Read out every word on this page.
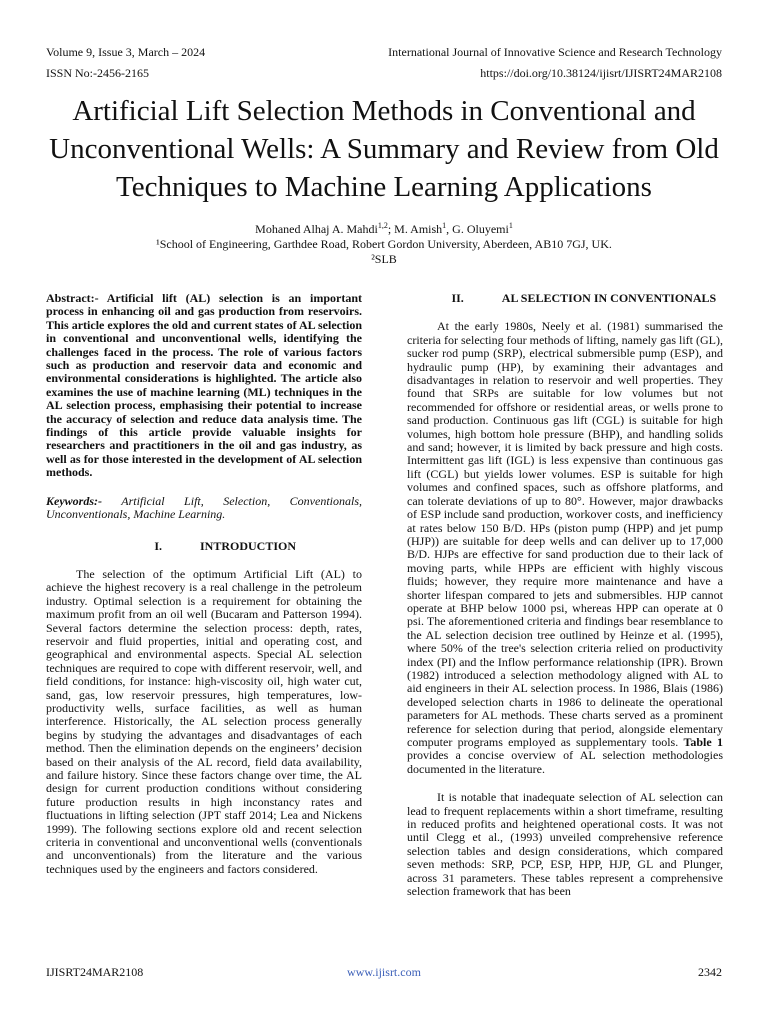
Volume 9, Issue 3, March – 2024
ISSN No:-2456-2165
International Journal of Innovative Science and Research Technology
https://doi.org/10.38124/ijisrt/IJISRT24MAR2108
Artificial Lift Selection Methods in Conventional and Unconventional Wells: A Summary and Review from Old Techniques to Machine Learning Applications
Mohaned Alhaj A. Mahdi$^{1,2}$; M. Amish$^1$, G. Oluyemi$^1$
¹School of Engineering, Garthdee Road, Robert Gordon University, Aberdeen, AB10 7GJ, UK.
²SLB

Abstract:- Artificial lift (AL) selection is an important process in enhancing oil and gas production from reservoirs. This article explores the old and current states of AL selection in conventional and unconventional wells, identifying the challenges faced in the process. The role of various factors such as production and reservoir data and economic and environmental considerations is highlighted. The article also examines the use of machine learning (ML) techniques in the AL selection process, emphasising their potential to increase the accuracy of selection and reduce data analysis time. The findings of this article provide valuable insights for researchers and practitioners in the oil and gas industry, as well as for those interested in the development of AL selection methods.

Keywords:- Artificial Lift, Selection, Conventionals, Unconventionals, Machine Learning.

I.	INTRODUCTION

The selection of the optimum Artificial Lift (AL) to achieve the highest recovery is a real challenge in the petroleum industry. Optimal selection is a requirement for obtaining the maximum profit from an oil well (Bucaram and Patterson 1994). Several factors determine the selection process: depth, rates, reservoir and fluid properties, initial and operating cost, and geographical and environmental aspects. Special AL selection techniques are required to cope with different reservoir, well, and field conditions, for instance: high-viscosity oil, high water cut, sand, gas, low reservoir pressures, high temperatures, low-productivity wells, surface facilities, as well as human interference. Historically, the AL selection process generally begins by studying the advantages and disadvantages of each method. Then the elimination depends on the engineers’ decision based on their analysis of the AL record, field data availability, and failure history. Since these factors change over time, the AL design for current production conditions without considering future production results in high inconstancy rates and fluctuations in lifting selection (JPT staff 2014; Lea and Nickens 1999). The following sections explore old and recent selection criteria in conventional and unconventional wells (conventionals and unconventionals) from the literature and the various techniques used by the engineers and factors considered.

II.	AL SELECTION IN CONVENTIONALS

At the early 1980s, Neely et al. (1981) summarised the criteria for selecting four methods of lifting, namely gas lift (GL), sucker rod pump (SRP), electrical submersible pump (ESP), and hydraulic pump (HP), by examining their advantages and disadvantages in relation to reservoir and well properties. They found that SRPs are suitable for low volumes but not recommended for offshore or residential areas, or wells prone to sand production. Continuous gas lift (CGL) is suitable for high volumes, high bottom hole pressure (BHP), and handling solids and sand; however, it is limited by back pressure and high costs. Intermittent gas lift (IGL) is less expensive than continuous gas lift (CGL) but yields lower volumes. ESP is suitable for high volumes and confined spaces, such as offshore platforms, and can tolerate deviations of up to 80°. However, major drawbacks of ESP include sand production, workover costs, and inefficiency at rates below 150 B/D. HPs (piston pump (HPP) and jet pump (HJP)) are suitable for deep wells and can deliver up to 17,000 B/D. HJPs are effective for sand production due to their lack of moving parts, while HPPs are efficient with highly viscous fluids; however, they require more maintenance and have a shorter lifespan compared to jets and submersibles. HJP cannot operate at BHP below 1000 psi, whereas HPP can operate at 0 psi. The aforementioned criteria and findings bear resemblance to the AL selection decision tree outlined by Heinze et al. (1995), where 50% of the tree's selection criteria relied on productivity index (PI) and the Inflow performance relationship (IPR). Brown (1982) introduced a selection methodology aligned with AL to aid engineers in their AL selection process. In 1986, Blais (1986) developed selection charts in 1986 to delineate the operational parameters for AL methods. These charts served as a prominent reference for selection during that period, alongside elementary computer programs employed as supplementary tools. Table 1 provides a concise overview of AL selection methodologies documented in the literature.

It is notable that inadequate selection of AL selection can lead to frequent replacements within a short timeframe, resulting in reduced profits and heightened operational costs. It was not until Clegg et al., (1993) unveiled comprehensive reference selection tables and design considerations, which compared seven methods: SRP, PCP, ESP, HPP, HJP, GL and Plunger, across 31 parameters. These tables represent a comprehensive selection framework that has been

IJISRT24MAR2108	www.ijisrt.com	2342
